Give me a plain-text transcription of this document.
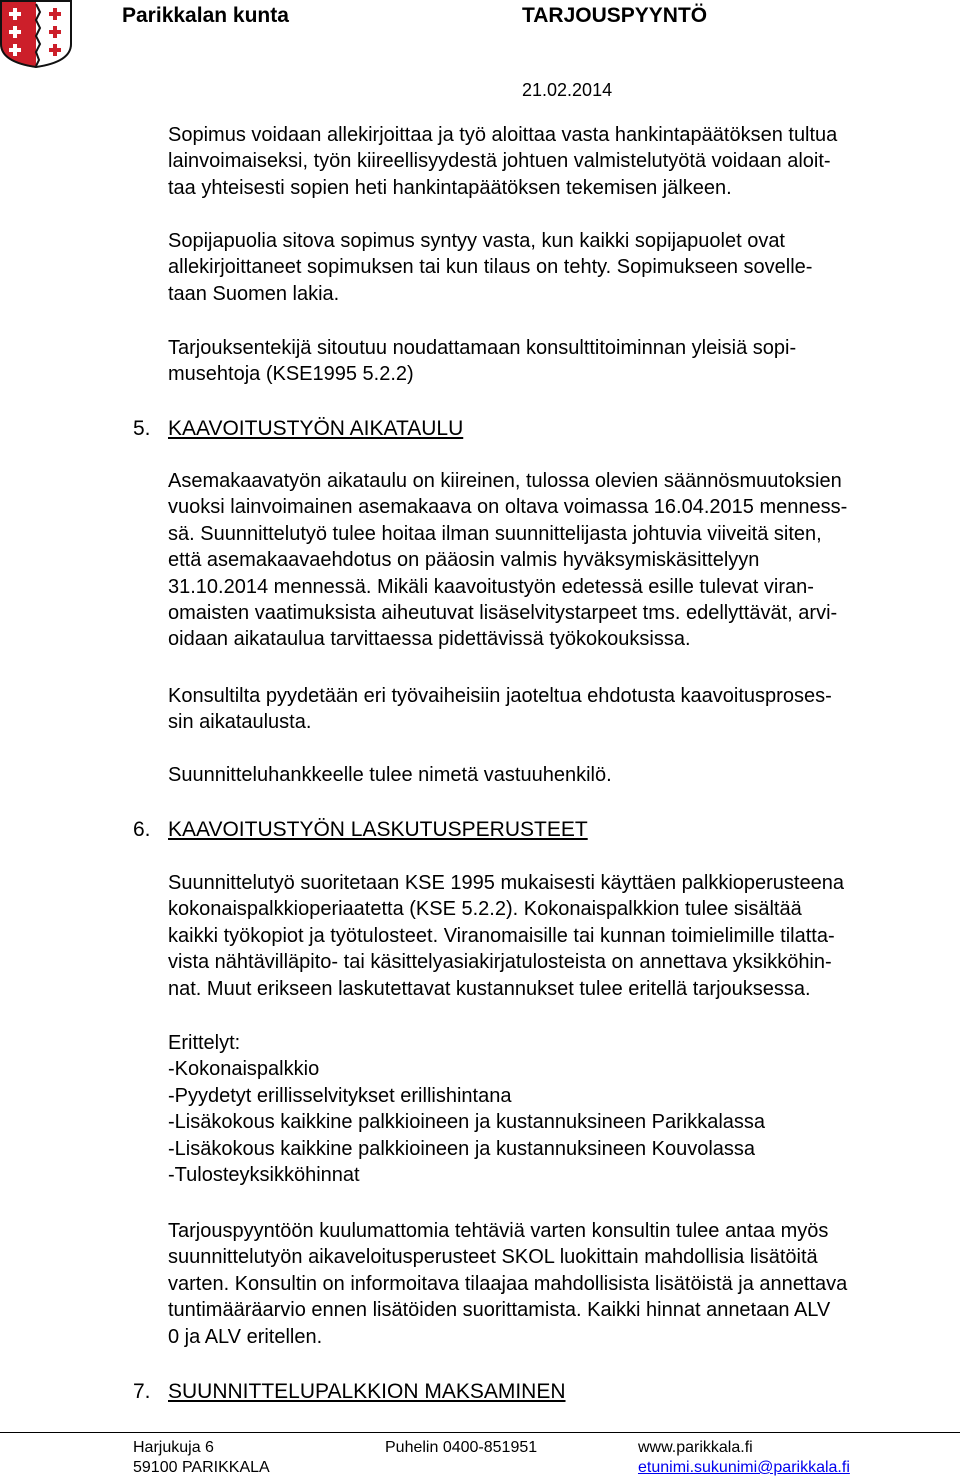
Parikkalan kunta	TARJOUSPYYNTÖ
21.02.2014
Sopimus voidaan allekirjoittaa ja työ aloittaa vasta hankintapäätöksen tultua
lainvoimaiseksi, työn kiireellisyydestä johtuen valmistelutyötä voidaan aloit-
taa yhteisesti sopien heti hankintapäätöksen tekemisen jälkeen.
Sopijapuolia sitova sopimus syntyy vasta, kun kaikki sopijapuolet ovat
allekirjoittaneet sopimuksen tai kun tilaus on tehty. Sopimukseen sovelle-
taan Suomen lakia.
Tarjouksentekijä sitoutuu noudattamaan konsulttitoiminnan yleisiä sopi-
musehtoja (KSE1995 5.2.2)
5. KAAVOITUSTYÖN AIKATAULU
Asemakaavatyön aikataulu on kiireinen, tulossa olevien säännösmuutoksien
vuoksi lainvoimainen asemakaava on oltava voimassa 16.04.2015 menness-
sä. Suunnittelutyö tulee hoitaa ilman suunnittelijasta johtuvia viiveitä siten,
että asemakaavaehdotus on pääosin valmis hyväksymiskäsittelyyn
31.10.2014 mennessä. Mikäli kaavoitustyön edetessä esille tulevat viran-
omaisten vaatimuksista aiheutuvat lisäselvitystarpeet tms. edellyttävät, arvi-
oidaan aikataulua tarvittaessa pidettävissä työkokouksissa.
Konsultilta pyydetään eri työvaiheisiin jaoteltua ehdotusta kaavoitusproses-
sin aikataulusta.
Suunnitteluhankkeelle tulee nimetä vastuuhenkilö.
6. KAAVOITUSTYÖN LASKUTUSPERUSTEET
Suunnittelutyö suoritetaan KSE 1995 mukaisesti käyttäen palkkioperusteena
kokonaispalkkioperiaatetta (KSE 5.2.2). Kokonaispalkkion tulee sisältää
kaikki työkopiot ja työtulosteet. Viranomaisille tai kunnan toimielimille tilatta-
vista nähtävilläpito- tai käsittelyasiakirjatulosteista on annettava yksikköhin-
nat. Muut erikseen laskutettavat kustannukset tulee eritellä tarjouksessa.
Erittelyt:
-Kokonaispalkkio
-Pyydetyt erillisselvitykset erillishintana
-Lisäkokous kaikkine palkkioineen ja kustannuksineen Parikkalassa
-Lisäkokous kaikkine palkkioineen ja kustannuksineen Kouvolassa
-Tulosteyksikköhinnat
Tarjouspyyntöön kuulumattomia tehtäviä varten konsultin tulee antaa myös
suunnittelutyön aikaveloitusperusteet SKOL luokittain mahdollisia lisätöitä
varten. Konsultin on informoitava tilaajaa mahdollisista lisätöistä ja annettava
tuntimääräarvio ennen lisätöiden suorittamista. Kaikki hinnat annetaan ALV
0 ja ALV eritellen.
7. SUUNNITTELUPALKKION MAKSAMINEN
Harjukuja 6
59100 PARIKKALA
Puhelin 0400-851951	www.parikkala.fi
etunimi.sukunimi@parikkala.fi
